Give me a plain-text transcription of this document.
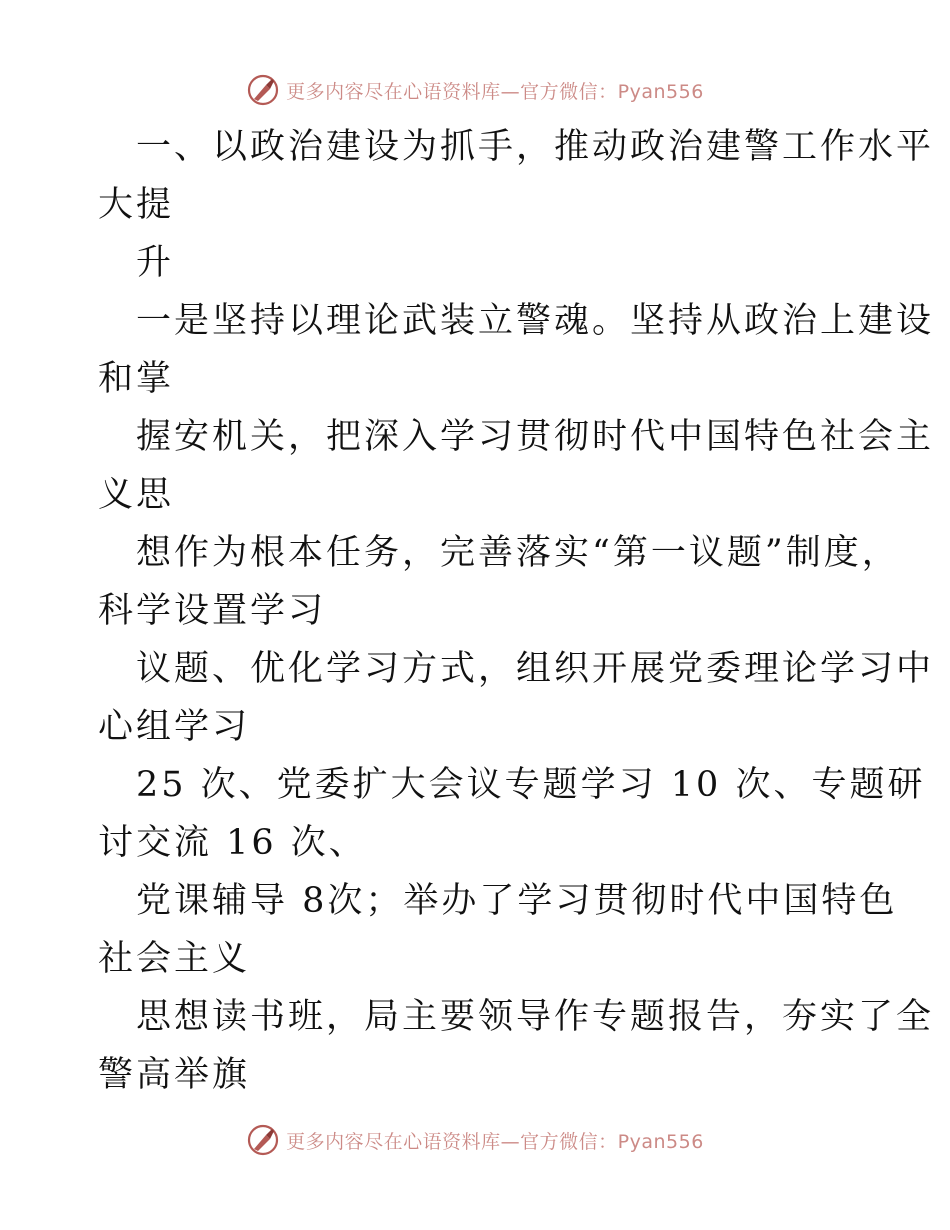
更多内容尽在心语资料库—官方微信：Pyan556
一、以政治建设为抓手，推动政治建警工作水平
大提
升
一是坚持以理论武装立警魂。坚持从政治上建设
和掌
握安机关，把深入学习贯彻时代中国特色社会主
义思
想作为根本任务，完善落实“第一议题”制度，
科学设置学习
议题、优化学习方式，组织开展党委理论学习中
心组学习
25 次、党委扩大会议专题学习 10 次、专题研
讨交流 16 次、
党课辅导 8次；举办了学习贯彻时代中国特色
社会主义
思想读书班，局主要领导作专题报告，夯实了全
警高举旗
更多内容尽在心语资料库—官方微信：Pyan556
